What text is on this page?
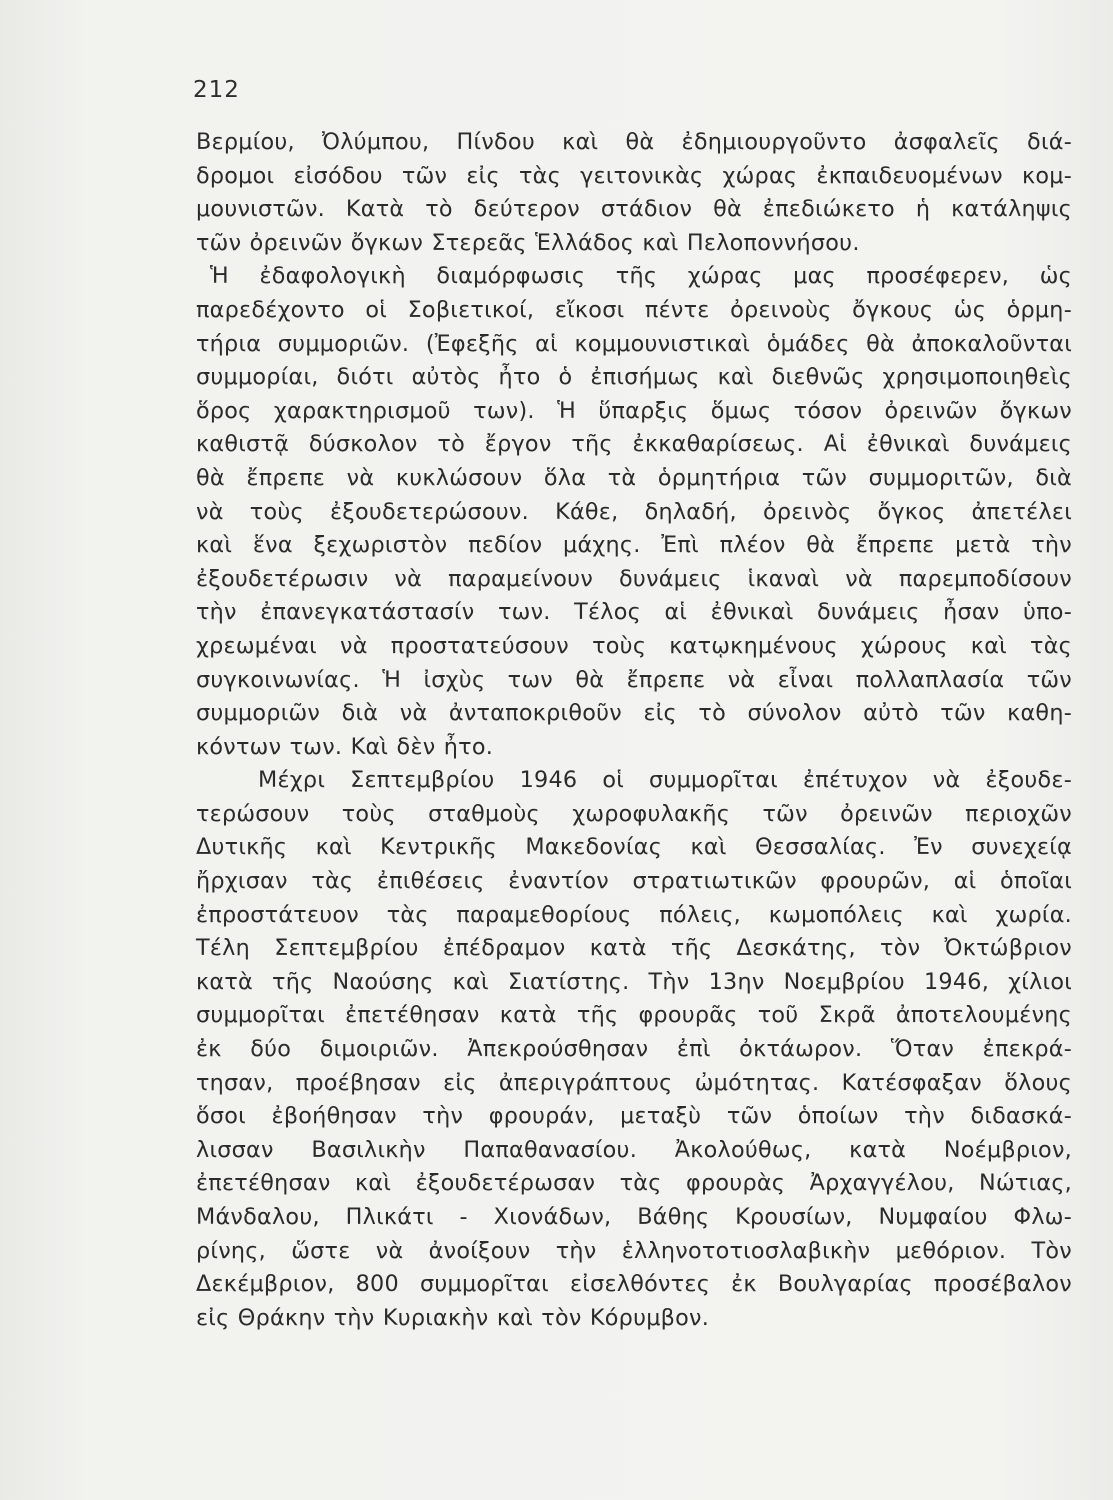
212
Βερμίου, Ὀλύμπου, Πίνδου καὶ θὰ ἐδημιουργοῦντο ἀσφαλεῖς διά-
δρομοι εἰσόδου τῶν εἰς τὰς γειτονικὰς χώρας ἐκπαιδευομένων κομ-
μουνιστῶν. Κατὰ τὸ δεύτερον στάδιον θὰ ἐπεδιώκετο ἡ κατάληψις
τῶν ὀρεινῶν ὄγκων Στερεᾶς Ἑλλάδος καὶ Πελοποννήσου.
Ἡ ἐδαφολογικὴ διαμόρφωσις τῆς χώρας μας προσέφερεν, ὡς
παρεδέχοντο οἱ Σοβιετικοί, εἴκοσι πέντε ὀρεινοὺς ὄγκους ὡς ὁρμη-
τήρια συμμοριῶν. (Ἐφεξῆς αἱ κομμουνιστικαὶ ὁμάδες θὰ ἀποκαλοῦνται
συμμορίαι, διότι αὐτὸς ἦτο ὁ ἐπισήμως καὶ διεθνῶς χρησιμοποιηθεὶς
ὅρος χαρακτηρισμοῦ των). Ἡ ὕπαρξις ὅμως τόσον ὀρεινῶν ὄγκων
καθιστᾷ δύσκολον τὸ ἔργον τῆς ἐκκαθαρίσεως. Αἱ ἐθνικαὶ δυνάμεις
θὰ ἔπρεπε νὰ κυκλώσουν ὅλα τὰ ὁρμητήρια τῶν συμμοριτῶν, διὰ
νὰ τοὺς ἐξουδετερώσουν. Κάθε, δηλαδή, ὀρεινὸς ὄγκος ἀπετέλει
καὶ ἕνα ξεχωριστὸν πεδίον μάχης. Ἐπὶ πλέον θὰ ἔπρεπε μετὰ τὴν
ἐξουδετέρωσιν νὰ παραμείνουν δυνάμεις ἱκαναὶ νὰ παρεμποδίσουν
τὴν ἐπανεγκατάστασίν των. Τέλος αἱ ἐθνικαὶ δυνάμεις ἦσαν ὑπο-
χρεωμέναι νὰ προστατεύσουν τοὺς κατῳκημένους χώρους καὶ τὰς
συγκοινωνίας. Ἡ ἰσχὺς των θὰ ἔπρεπε νὰ εἶναι πολλαπλασία τῶν
συμμοριῶν διὰ νὰ ἀνταποκριθοῦν εἰς τὸ σύνολον αὐτὸ τῶν καθη-
κόντων των. Καὶ δὲν ἦτο.
Μέχρι Σεπτεμβρίου 1946 οἱ συμμορῖται ἐπέτυχον νὰ ἐξουδε-
τερώσουν τοὺς σταθμοὺς χωροφυλακῆς τῶν ὀρεινῶν περιοχῶν
Δυτικῆς καὶ Κεντρικῆς Μακεδονίας καὶ Θεσσαλίας. Ἐν συνεχείᾳ
ἤρχισαν τὰς ἐπιθέσεις ἐναντίον στρατιωτικῶν φρουρῶν, αἱ ὁποῖαι
ἐπροστάτευον τὰς παραμεθορίους πόλεις, κωμοπόλεις καὶ χωρία.
Τέλη Σεπτεμβρίου ἐπέδραμον κατὰ τῆς Δεσκάτης, τὸν Ὀκτώβριον
κατὰ τῆς Ναούσης καὶ Σιατίστης. Τὴν 13ην Νοεμβρίου 1946, χίλιοι
συμμορῖται ἐπετέθησαν κατὰ τῆς φρουρᾶς τοῦ Σκρᾶ ἀποτελουμένης
ἐκ δύο διμοιριῶν. Ἀπεκρούσθησαν ἐπὶ ὀκτάωρον. Ὅταν ἐπεκρά-
τησαν, προέβησαν εἰς ἀπεριγράπτους ὠμότητας. Κατέσφαξαν ὅλους
ὅσοι ἐβοήθησαν τὴν φρουράν, μεταξὺ τῶν ὁποίων τὴν διδασκά-
λισσαν Βασιλικὴν Παπαθανασίου. Ἀκολούθως, κατὰ Νοέμβριον,
ἐπετέθησαν καὶ ἐξουδετέρωσαν τὰς φρουρὰς Ἀρχαγγέλου, Νώτιας,
Μάνδαλου, Πλικάτι - Χιονάδων, Βάθης Κρουσίων, Νυμφαίου Φλω-
ρίνης, ὥστε νὰ ἀνοίξουν τὴν ἑλληνοτοτιοσλαβικὴν μεθόριον. Τὸν
Δεκέμβριον, 800 συμμορῖται εἰσελθόντες ἐκ Βουλγαρίας προσέβαλον
εἰς Θράκην τὴν Κυριακὴν καὶ τὸν Κόρυμβον.
